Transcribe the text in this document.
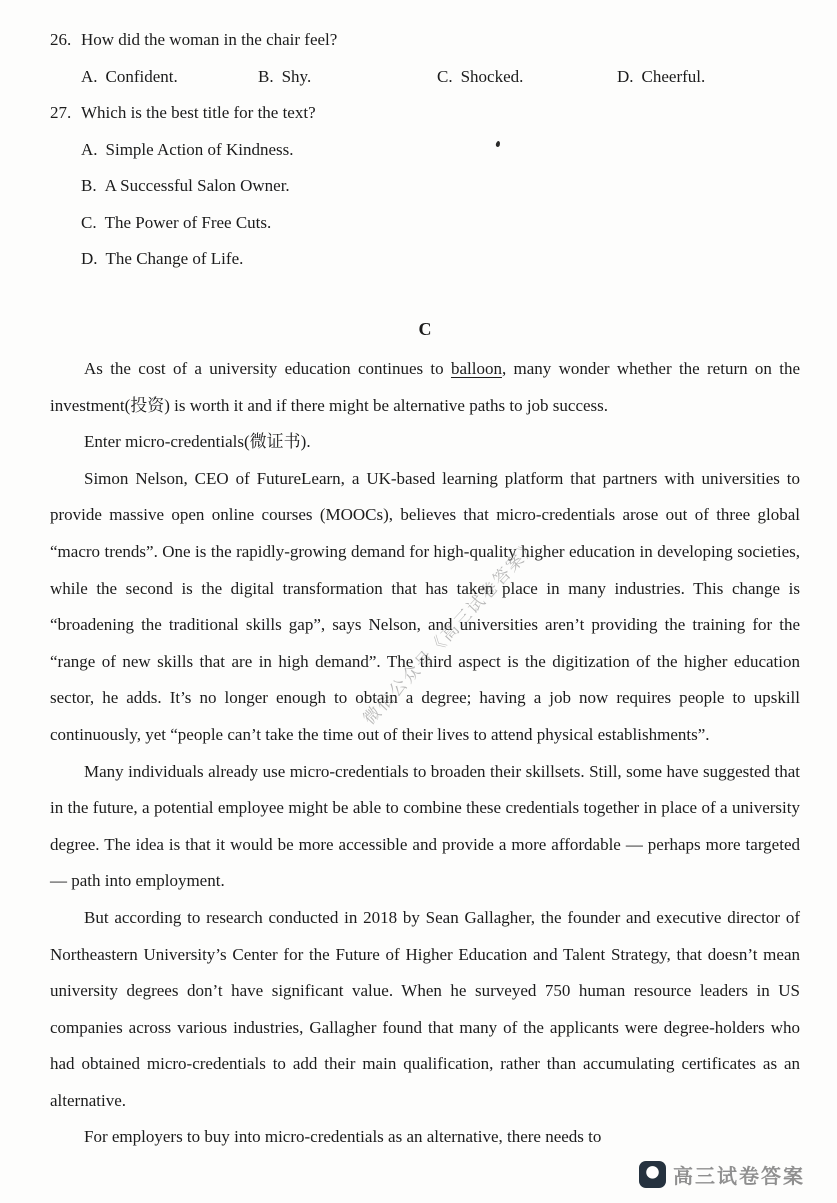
26. How did the woman in the chair feel?
A. Confident.	B. Shy.	C. Shocked.	D. Cheerful.
27. Which is the best title for the text?
A. Simple Action of Kindness.
B. A Successful Salon Owner.
C. The Power of Free Cuts.
D. The Change of Life.
C

As the cost of a university education continues to balloon, many wonder whether the return on the investment(投资) is worth it and if there might be alternative paths to job success.

Enter micro-credentials(微证书).

Simon Nelson, CEO of FutureLearn, a UK-based learning platform that partners with universities to provide massive open online courses (MOOCs), believes that micro-credentials arose out of three global “macro trends”. One is the rapidly-growing demand for high-quality higher education in developing societies, while the second is the digital transformation that has taken place in many industries. This change is “broadening the traditional skills gap”, says Nelson, and universities aren’t providing the training for the “range of new skills that are in high demand”. The third aspect is the digitization of the higher education sector, he adds. It’s no longer enough to obtain a degree; having a job now requires people to upskill continuously, yet “people can’t take the time out of their lives to attend physical establishments”.

Many individuals already use micro-credentials to broaden their skillsets. Still, some have suggested that in the future, a potential employee might be able to combine these credentials together in place of a university degree. The idea is that it would be more accessible and provide a more affordable — perhaps more targeted — path into employment.

But according to research conducted in 2018 by Sean Gallagher, the founder and executive director of Northeastern University’s Center for the Future of Higher Education and Talent Strategy, that doesn’t mean university degrees don’t have significant value. When he surveyed 750 human resource leaders in US companies across various industries, Gallagher found that many of the applicants were degree-holders who had obtained micro-credentials to add their main qualification, rather than accumulating certificates as an alternative.

For employers to buy into micro-credentials as an alternative, there needs to

微信公众号《高三试卷答案》
高三试卷答案
